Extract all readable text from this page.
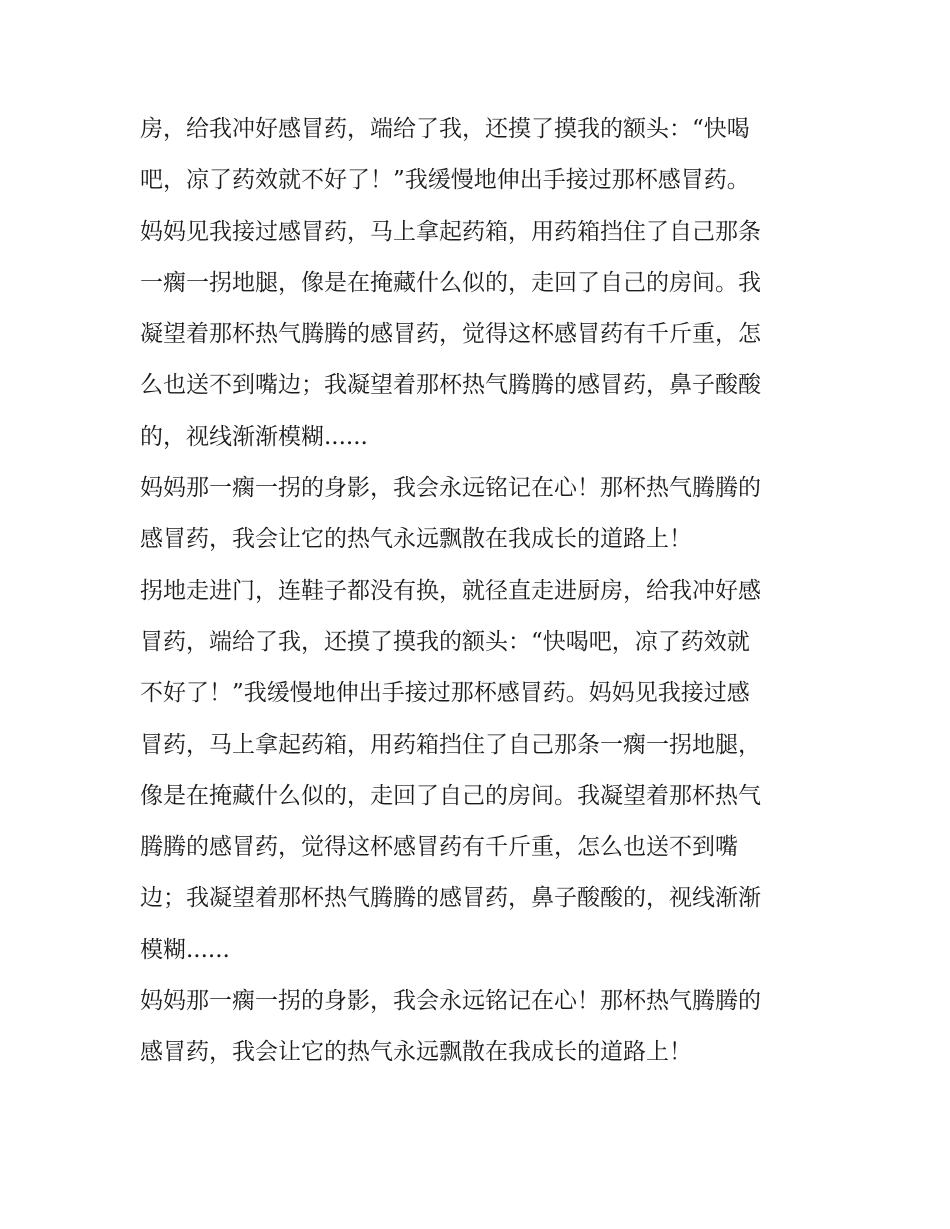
房，给我冲好感冒药，端给了我，还摸了摸我的额头：“快喝

吧，凉了药效就不好了！”我缓慢地伸出手接过那杯感冒药。

妈妈见我接过感冒药，马上拿起药箱，用药箱挡住了自己那条

一瘸一拐地腿，像是在掩藏什么似的，走回了自己的房间。我

凝望着那杯热气腾腾的感冒药，觉得这杯感冒药有千斤重，怎

么也送不到嘴边；我凝望着那杯热气腾腾的感冒药，鼻子酸酸

的，视线渐渐模糊......

妈妈那一瘸一拐的身影，我会永远铭记在心！那杯热气腾腾的

感冒药，我会让它的热气永远飘散在我成长的道路上！

拐地走进门，连鞋子都没有换，就径直走进厨房，给我冲好感

冒药，端给了我，还摸了摸我的额头：“快喝吧，凉了药效就

不好了！”我缓慢地伸出手接过那杯感冒药。妈妈见我接过感

冒药，马上拿起药箱，用药箱挡住了自己那条一瘸一拐地腿，

像是在掩藏什么似的，走回了自己的房间。我凝望着那杯热气

腾腾的感冒药，觉得这杯感冒药有千斤重，怎么也送不到嘴

边；我凝望着那杯热气腾腾的感冒药，鼻子酸酸的，视线渐渐

模糊......

妈妈那一瘸一拐的身影，我会永远铭记在心！那杯热气腾腾的

感冒药，我会让它的热气永远飘散在我成长的道路上！
